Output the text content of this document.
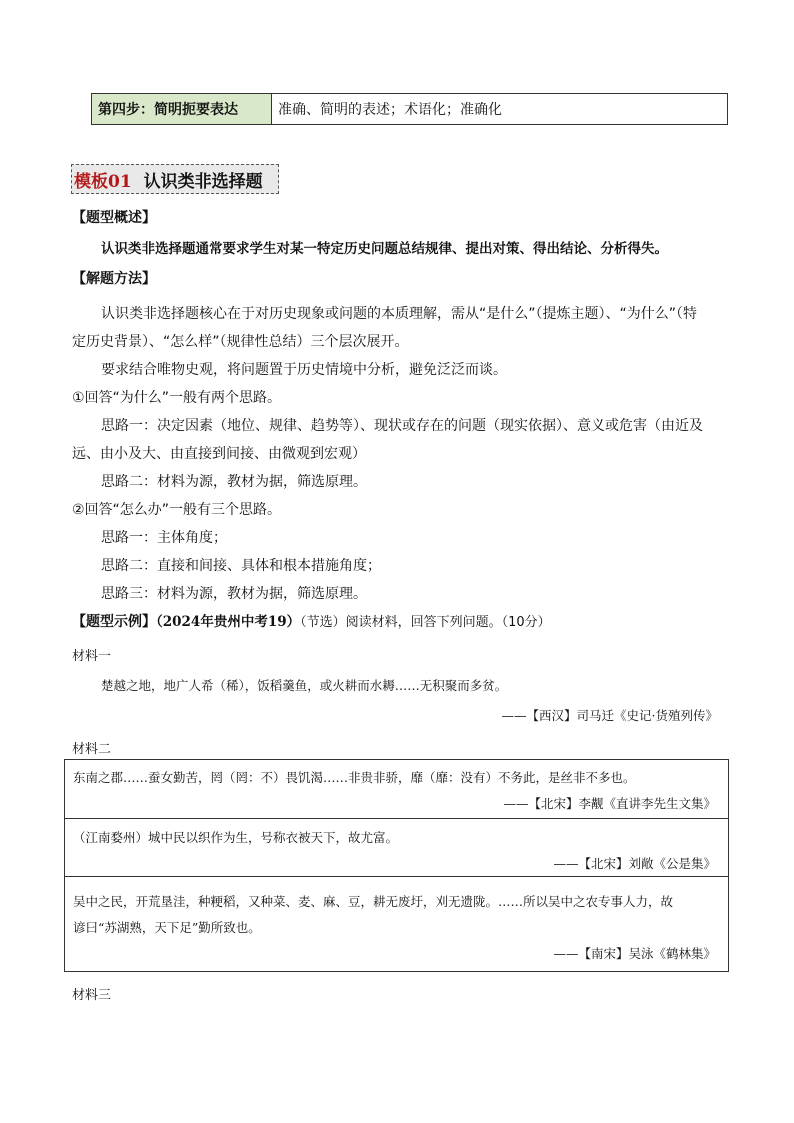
第四步：简明扼要表达	准确、简明的表述；术语化；准确化
模板01 认识类非选择题
【题型概述】
认识类非选择题通常要求学生对某一特定历史问题总结规律、提出对策、得出结论、分析得失。
【解题方法】
认识类非选择题核心在于对历史现象或问题的本质理解，需从“是什么”（提炼主题）、“为什么”（特
定历史背景）、“怎么样”（规律性总结）三个层次展开。
要求结合唯物史观，将问题置于历史情境中分析，避免泛泛而谈。
①回答“为什么”一般有两个思路。
思路一：决定因素（地位、规律、趋势等）、现状或存在的问题（现实依据）、意义或危害（由近及
远、由小及大、由直接到间接、由微观到宏观）
思路二：材料为源，教材为据，筛选原理。
②回答“怎么办”一般有三个思路。
思路一：主体角度；
思路二：直接和间接、具体和根本措施角度；
思路三：材料为源，教材为据，筛选原理。
【题型示例】（2024年贵州中考19）（节选）阅读材料，回答下列问题。（10分）
材料一
楚越之地，地广人希（稀），饭稻羹鱼，或火耕而水耨……无积聚而多贫。
——【西汉】司马迁《史记·货殖列传》
材料二
东南之郡……蚕女勤苦，罔（罔：不）畏饥渴……非贵非骄，靡（靡：没有）不务此，是丝非不多也。
——【北宋】李觏《直讲李先生文集》
（江南婺州）城中民以织作为生，号称衣被天下，故尤富。
——【北宋】刘敞《公是集》
吴中之民，开荒垦洼，种粳稻，又种菜、麦、麻、豆，耕无废圩，刈无遗陇。……所以吴中之农专事人力，故
谚曰“苏湖熟，天下足”勤所致也。
——【南宋】吴泳《鹤林集》
材料三
